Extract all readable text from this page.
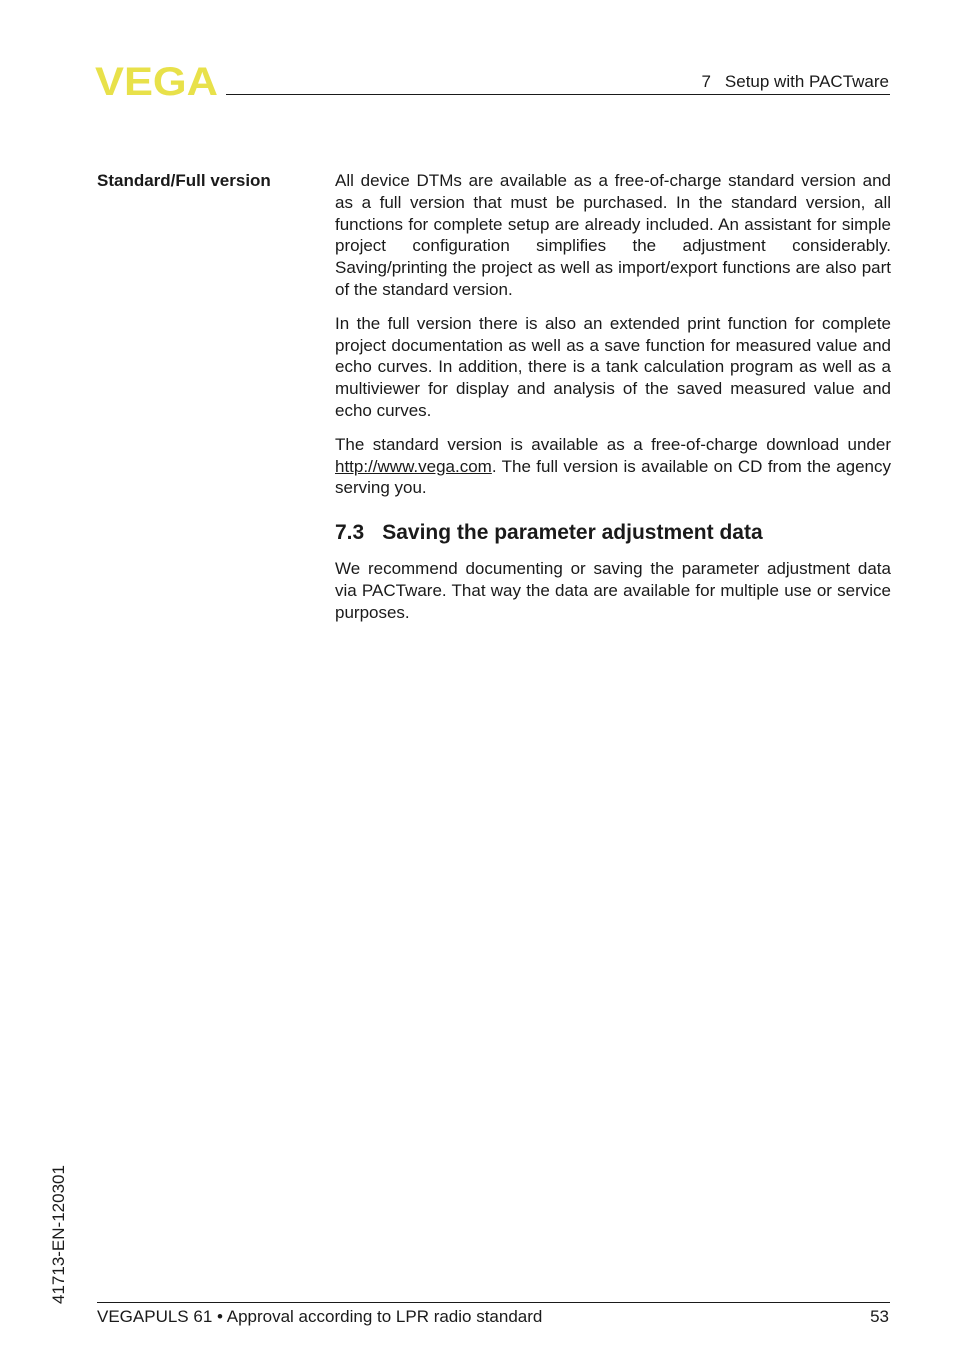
VEGA	7 Setup with PACTware
Standard/Full version	All device DTMs are available as a free-of-charge standard version and as a full version that must be purchased. In the standard version, all functions for complete setup are already included. An assistant for simple project configuration simplifies the adjustment considerably. Saving/printing the project as well as import/export functions are also part of the standard version.

In the full version there is also an extended print function for complete project documentation as well as a save function for measured value and echo curves. In addition, there is a tank calculation program as well as a multiviewer for display and analysis of the saved measured value and echo curves.

The standard version is available as a free-of-charge download under http://www.vega.com. The full version is available on CD from the agency serving you.

7.3 Saving the parameter adjustment data

We recommend documenting or saving the parameter adjustment data via PACTware. That way the data are available for multiple use or service purposes.

41713-EN-120301
VEGAPULS 61 • Approval according to LPR radio standard	53
